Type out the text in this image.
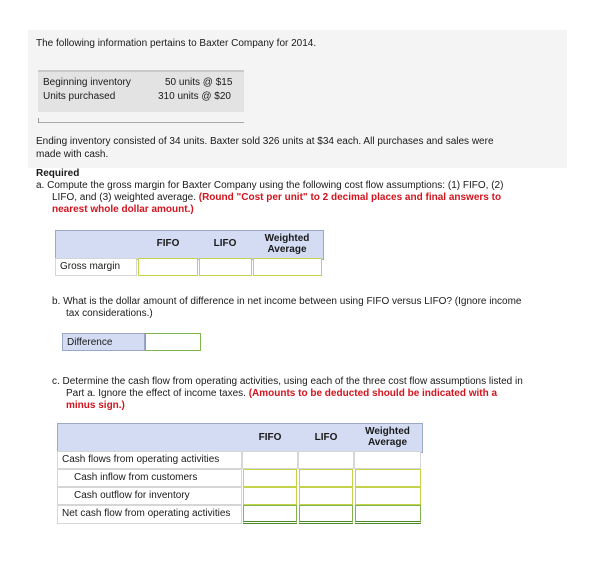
The following information pertains to Baxter Company for 2014.
Beginning inventory	50 units @ $15
Units purchased	310 units @ $20
Ending inventory consisted of 34 units. Baxter sold 326 units at $34 each. All purchases and sales were
made with cash.
Required
a. Compute the gross margin for Baxter Company using the following cost flow assumptions: (1) FIFO, (2)
LIFO, and (3) weighted average. (Round "Cost per unit" to 2 decimal places and final answers to
nearest whole dollar amount.)
FIFO	LIFO	Weighted
Average
Gross margin
b. What is the dollar amount of difference in net income between using FIFO versus LIFO? (Ignore income
tax considerations.)
Difference
c. Determine the cash flow from operating activities, using each of the three cost flow assumptions listed in
Part a. Ignore the effect of income taxes. (Amounts to be deducted should be indicated with a
minus sign.)
FIFO	LIFO
Weighted
Average
Cash flows from operating activities
Cash inflow from customers
Cash outflow for inventory
Net cash flow from operating activities
